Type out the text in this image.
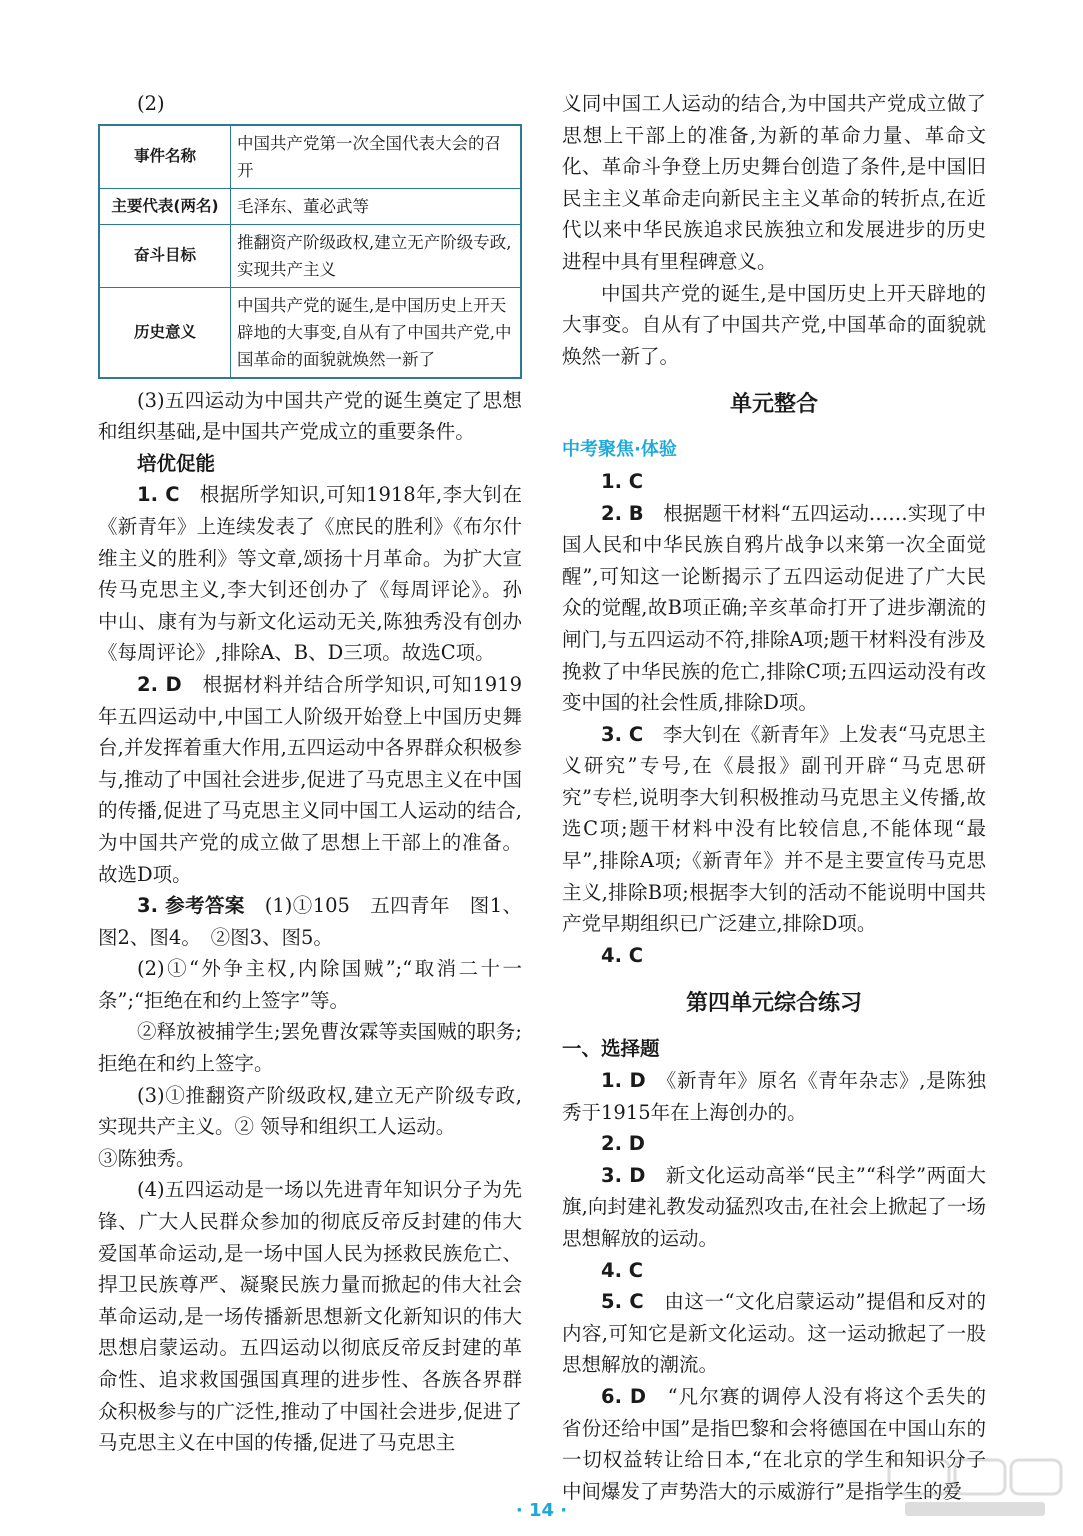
(2)

事件名称	中国共产党第一次全国代表大会的召开
主要代表(两名)	毛泽东、董必武等
奋斗目标	推翻资产阶级政权,建立无产阶级专政,实现共产主义
历史意义	中国共产党的诞生,是中国历史上开天辟地的大事变,自从有了中国共产党,中国革命的面貌就焕然一新了

(3)五四运动为中国共产党的诞生奠定了思想和组织基础,是中国共产党成立的重要条件。

培优促能

1. C　 根据所学知识,可知1918年,李大钊在《新青年》上连续发表了《庶民的胜利》《布尔什维主义的胜利》等文章,颂扬十月革命。为扩大宣传马克思主义,李大钊还创办了《每周评论》。孙中山、康有为与新文化运动无关,陈独秀没有创办《每周评论》,排除A、B、D三项。故选C项。

2. D　 根据材料并结合所学知识,可知1919年五四运动中,中国工人阶级开始登上中国历史舞台,并发挥着重大作用,五四运动中各界群众积极参与,推动了中国社会进步,促进了马克思主义在中国的传播,促进了马克思主义同中国工人运动的结合,为中国共产党的成立做了思想上干部上的准备。故选D项。

3. 参考答案　 (1)①105　五四青年　图1、图2、图4。　②图3、图5。

(2)①“外争主权,内除国贼”;“取消二十一条”;“拒绝在和约上签字”等。

②释放被捕学生;罢免曹汝霖等卖国贼的职务;拒绝在和约上签字。

(3)①推翻资产阶级政权,建立无产阶级专政,实现共产主义。② 领导和组织工人运动。

③陈独秀。

(4)五四运动是一场以先进青年知识分子为先锋、广大人民群众参加的彻底反帝反封建的伟大爱国革命运动,是一场中国人民为拯救民族危亡、捍卫民族尊严、凝聚民族力量而掀起的伟大社会革命运动,是一场传播新思想新文化新知识的伟大思想启蒙运动。五四运动以彻底反帝反封建的革命性、追求救国强国真理的进步性、各族各界群众积极参与的广泛性,推动了中国社会进步,促进了马克思主义在中国的传播,促进了马克思主

义同中国工人运动的结合,为中国共产党成立做了思想上干部上的准备,为新的革命力量、革命文化、革命斗争登上历史舞台创造了条件,是中国旧民主主义革命走向新民主主义革命的转折点,在近代以来中华民族追求民族独立和发展进步的历史进程中具有里程碑意义。

中国共产党的诞生,是中国历史上开天辟地的大事变。自从有了中国共产党,中国革命的面貌就焕然一新了。

单元整合

中考聚焦·体验

1. C

2. B　 根据题干材料“五四运动……实现了中国人民和中华民族自鸦片战争以来第一次全面觉醒”,可知这一论断揭示了五四运动促进了广大民众的觉醒,故B项正确;辛亥革命打开了进步潮流的闸门,与五四运动不符,排除A项;题干材料没有涉及挽救了中华民族的危亡,排除C项;五四运动没有改变中国的社会性质,排除D项。

3. C　 李大钊在《新青年》上发表“马克思主义研究”专号,在《晨报》副刊开辟“马克思研究”专栏,说明李大钊积极推动马克思主义传播,故选C项;题干材料中没有比较信息,不能体现“最早”,排除A项;《新青年》并不是主要宣传马克思主义,排除B项;根据李大钊的活动不能说明中国共产党早期组织已广泛建立,排除D项。

4. C

第四单元综合练习

一、选择题

1. D　 《新青年》原名《青年杂志》,是陈独秀于1915年在上海创办的。

2. D

3. D　 新文化运动高举“民主”“科学”两面大旗,向封建礼教发动猛烈攻击,在社会上掀起了一场思想解放的运动。

4. C

5. C　 由这一“文化启蒙运动”提倡和反对的内容,可知它是新文化运动。这一运动掀起了一股思想解放的潮流。

6. D　 “凡尔赛的调停人没有将这个丢失的省份还给中国”是指巴黎和会将德国在中国山东的一切权益转让给日本,“在北京的学生和知识分子中间爆发了声势浩大的示威游行”是指学生的爱

· 14 ·
